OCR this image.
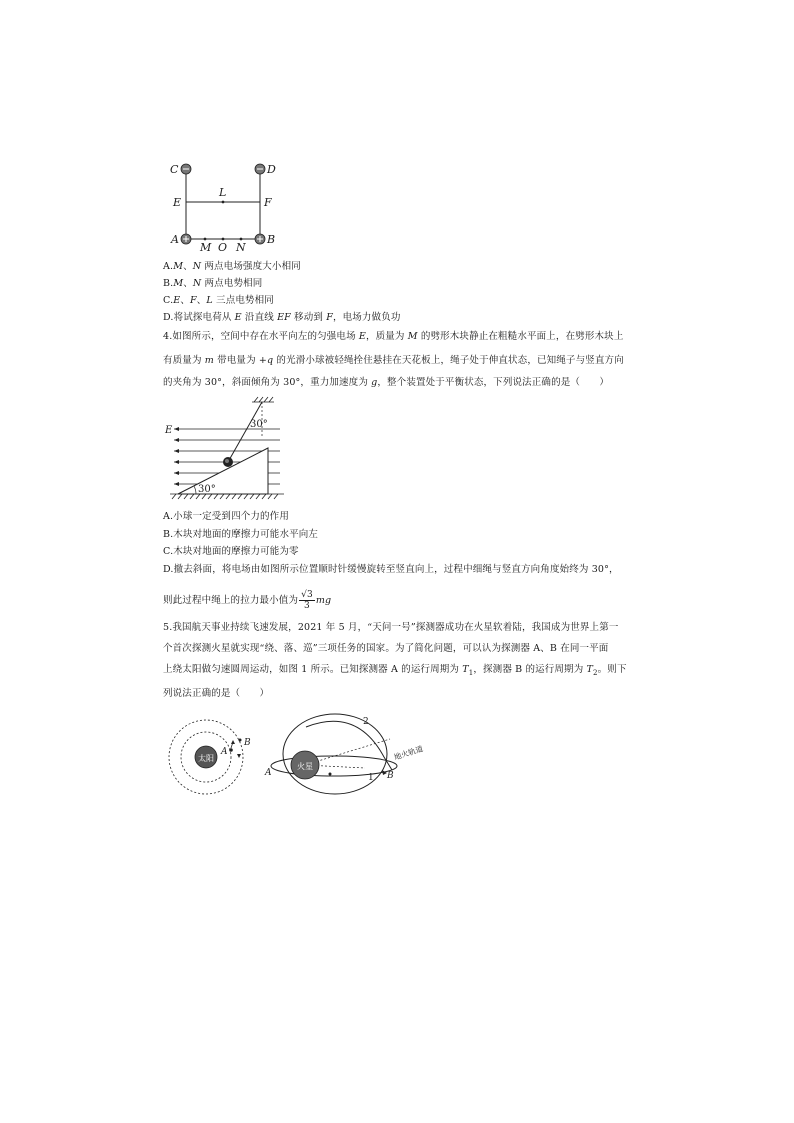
C	D
E	F
L
A	B
M O N
A.M、N 两点电场强度大小相同
B.M、N 两点电势相同
C.E、F、L 三点电势相同
D.将试探电荷从 E 沿直线 EF 移动到 F，电场力做负功
4.如图所示，空间中存在水平向左的匀强电场 E，质量为 M 的劈形木块静止在粗糙水平面上，在劈形木块上
有质量为 m 带电量为 +q 的光滑小球被轻绳拴住悬挂在天花板上，绳子处于伸直状态，已知绳子与竖直方向
的夹角为 30°，斜面倾角为 30°，重力加速度为 g，整个装置处于平衡状态，下列说法正确的是（　　）
30°
E
30°
A.小球一定受到四个力的作用
B.木块对地面的摩擦力可能水平向左
C.木块对地面的摩擦力可能为零
D.撤去斜面，将电场由如图所示位置顺时针缓慢旋转至竖直向上，过程中细绳与竖直方向角度始终为 30°，
则此过程中绳上的拉力最小值为 $\frac{√3}{3}$ mg
5.我国航天事业持续飞速发展，2021 年 5 月，“天问一号”探测器成功在火星软着陆，我国成为世界上第一
个首次探测火星就实现“绕、落、巡”三项任务的国家。为了简化问题，可以认为探测器 A、B 在同一平面
上绕太阳做匀速圆周运动，如图 1 所示。已知探测器 A 的运行周期为 $T_1$，探测器 B 的运行周期为 $T_2$。则下
列说法正确的是（　　）
太阳
A
B
火星
A	B
1
2
地火轨道
